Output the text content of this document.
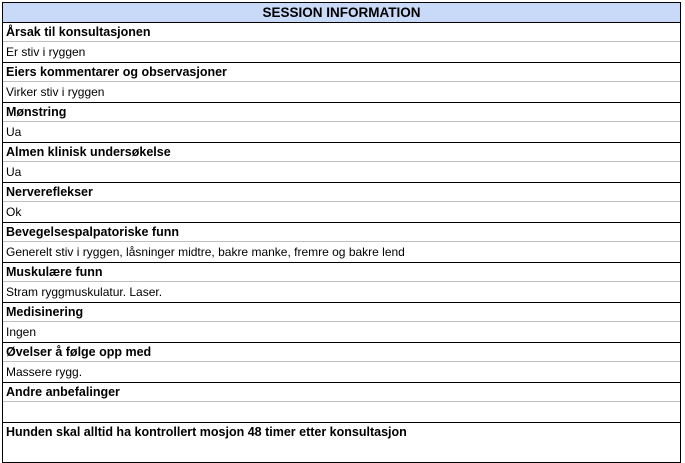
SESSION INFORMATION
Årsak til konsultasjonen
Er stiv i ryggen
Eiers kommentarer og observasjoner
Virker stiv i ryggen
Mønstring
Ua
Almen klinisk undersøkelse
Ua
Nervereflekser
Ok
Bevegelsespalpatoriske funn
Generelt stiv i ryggen, låsninger midtre, bakre manke, fremre og bakre lend
Muskulære funn
Stram ryggmuskulatur. Laser.
Medisinering
Ingen
Øvelser å følge opp med
Massere rygg.
Andre anbefalinger
Hunden skal alltid ha kontrollert mosjon 48 timer etter konsultasjon
